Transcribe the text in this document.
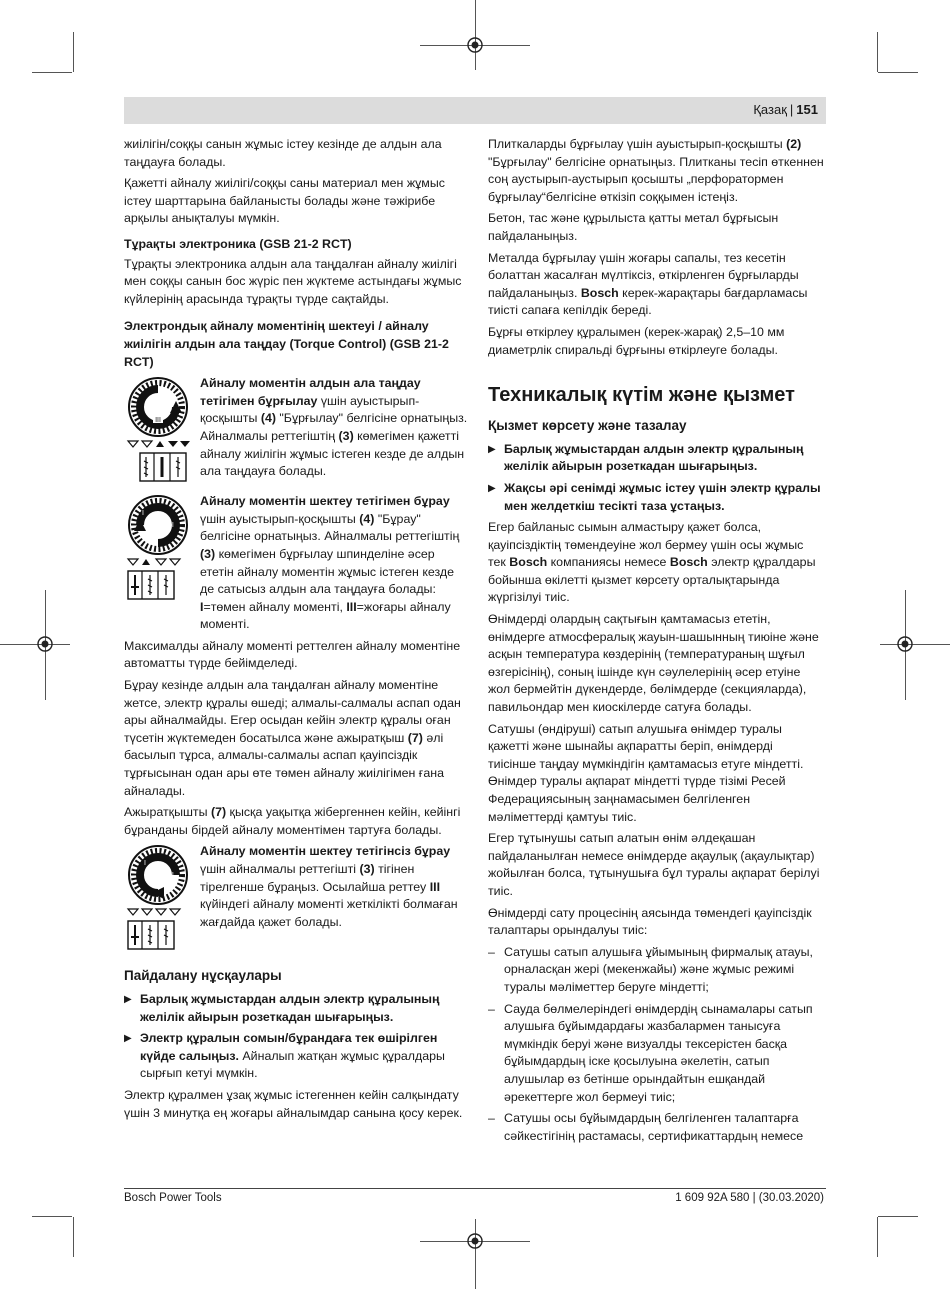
Қазақ | 151

жиілігін/соққы санын жұмыс істеу кезінде де алдын ала таңдауға болады.

Қажетті айналу жиілігі/соққы саны материал мен жұмыс істеу шарттарына байланысты болады және тәжірибе арқылы анықталуы мүмкін.

Тұрақты электроника (GSB 21-2 RCT)

Тұрақты электроника алдын ала таңдалған айналу жиілігі мен соққы санын бос жүріс пен жүктеме астындағы жұмыс күйлерінің арасында тұрақты түрде сақтайды.

Электрондық айналу моментінің шектеуі / айналу жиілігін алдын ала таңдау (Torque Control) (GSB 21-2 RCT)
III

Айналу моментін алдын ала таңдау тетігімен бұрғылау үшін ауыстырып-қосқышты (4) "Бұрғылау" белгісіне орнатыңыз. Айналмалы реттегіштің (3) көмегімен қажетті айналу жиілігін жұмыс істеген кезде де алдын ала таңдауға болады.

I
III

Айналу моментін шектеу тетігімен бұрау үшін ауыстырып-қосқышты (4) "Бұрау" белгісіне орнатыңыз. Айналмалы реттегіштің (3) көмегімен бұрғылау шпинделіне әсер ететін айналу моментін жұмыс істеген кезде де сатысыз алдын ала таңдауға болады: I=төмен айналу моменті, III=жоғары айналу моменті.

Максималды айналу моменті реттелген айналу моментіне автоматты түрде бейімделеді.

Бұрау кезінде алдын ала таңдалған айналу моментіне жетсе, электр құралы өшеді; алмалы-салмалы аспап одан ары айналмайды. Егер осыдан кейін электр құралы оған түсетін жүктемеден босатылса және ажыратқыш (7) әлі басылып тұрса, алмалы-салмалы аспап қауіпсіздік тұрғысынан одан ары өте төмен айналу жиілігімен ғана айналады.

Ажыратқышты (7) қысқа уақытқа жібергеннен кейін, кейінгі бұранданы бірдей айналу моментімен тартуға болады.

III
I

Айналу моментін шектеу тетігінсіз бұрау үшін айналмалы реттегішті (3) тігінен тірелгенше бұраңыз. Осылайша реттеу III күйіндегі айналу моменті жеткілікті болмаған жағдайда қажет болады.

Пайдалану нұсқаулары

▶ Барлық жұмыстардан алдын электр құралының желілік айырын розеткадан шығарыңыз.

▶ Электр құралын сомын/бұрандаға тек өшірілген күйде салыңыз. Айналып жатқан жұмыс құралдары сырғып кетуі мүмкін.

Электр құралмен ұзақ жұмыс істегеннен кейін салқындату үшін 3 минутқа ең жоғары айналымдар санына қосу керек.

Плиткаларды бұрғылау үшін ауыстырып-қосқышты (2) "Бұрғылау" белгісіне орнатыңыз. Плитканы тесіп өткеннен соң аустырып-аустырып қосышты „перфоратормен бұрғылау“белгісіне өткізіп соққымен істеңіз.

Бетон, тас және құрылыста қатты метал бұрғысын пайдаланыңыз.

Металда бұрғылау үшін жоғары сапалы, тез кесетін болаттан жасалған мүлтіксіз, өткірленген бұрғыларды пайдаланыңыз. Bosch керек-жарақтары бағдарламасы тиісті сапаға кепілдік береді.

Бұрғы өткірлеу құралымен (керек-жарақ) 2,5–10 мм диаметрлік спиральді бұрғыны өткірлеуге болады.

Техникалық күтім және қызмет
Қызмет көрсету және тазалау

▶ Барлық жұмыстардан алдын электр құралының желілік айырын розеткадан шығарыңыз.

▶ Жақсы әрі сенімді жұмыс істеу үшін электр құралы мен желдеткіш тесікті таза ұстаңыз.

Егер байланыс сымын алмастыру қажет болса, қауіпсіздіктің төмендеуіне жол бермеу үшін осы жұмыс тек Bosch компаниясы немесе Bosch электр құралдары бойынша өкілетті қызмет көрсету орталықтарында жүргізілуі тиіс.

Өнімдерді олардың сақтығын қамтамасыз ететін, өнімдерге атмосфералық жауын-шашынның тиюіне және асқын температура көздерінің (температураның шұғыл өзгерісінің), соның ішінде күн сәулелерінің әсер етуіне жол бермейтін дүкендерде, бөлімдерде (секцияларда), павильондар мен киоскілерде сатуға болады.

Сатушы (өндіруші) сатып алушыға өнімдер туралы қажетті және шынайы ақпаратты беріп, өнімдерді тиісінше таңдау мүмкіндігін қамтамасыз етуге міндетті. Өнімдер туралы ақпарат міндетті түрде тізімі Ресей Федерациясының заңнамасымен белгіленген мәліметтерді қамтуы тиіс.

Егер тұтынушы сатып алатын өнім әлдеқашан пайдаланылған немесе өнімдерде ақаулық (ақаулықтар) жойылған болса, тұтынушыға бұл туралы ақпарат берілуі тиіс.

Өнімдерді сату процесінің аясында төмендегі қауіпсіздік талаптары орындалуы тиіс:

– Сатушы сатып алушыға ұйымының фирмалық атауы, орналасқан жері (мекенжайы) және жұмыс режимі туралы мәліметтер беруге міндетті;

– Сауда бөлмелеріндегі өнімдердің сынамалары сатып алушыға бұйымдардағы жазбалармен танысуға мүмкіндік беруі және визуалды тексерістен басқа бұйымдардың іске қосылуына әкелетін, сатып алушылар өз бетінше орындайтын ешқандай әрекеттерге жол бермеуі тиіс;

– Сатушы осы бұйымдардың белгіленген талаптарға сәйкестігінің растамасы, сертификаттардың немесе

Bosch Power Tools	1 609 92A 580 | (30.03.2020)
